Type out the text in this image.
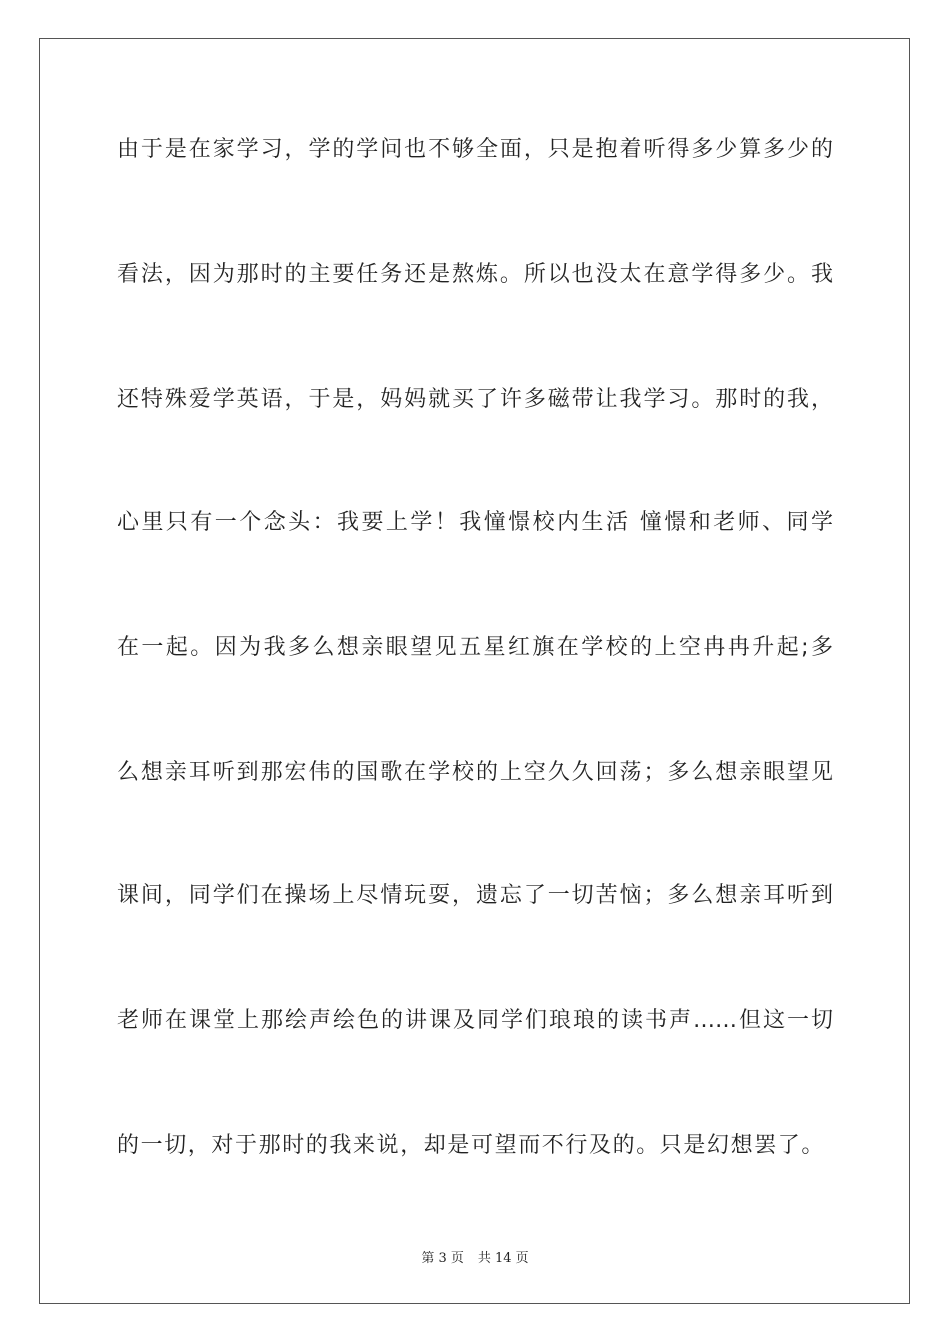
由于是在家学习，学的学问也不够全面，只是抱着听得多少算多少的
看法，因为那时的主要任务还是熬炼。所以也没太在意学得多少。我
还特殊爱学英语，于是，妈妈就买了许多磁带让我学习。那时的我，
心里只有一个念头：我要上学！我憧憬校内生活 憧憬和老师、同学
在一起。因为我多么想亲眼望见五星红旗在学校的上空冉冉升起;多
么想亲耳听到那宏伟的国歌在学校的上空久久回荡；多么想亲眼望见
课间，同学们在操场上尽情玩耍，遗忘了一切苦恼；多么想亲耳听到
老师在课堂上那绘声绘色的讲课及同学们琅琅的读书声……但这一切
的一切，对于那时的我来说，却是可望而不行及的。只是幻想罢了。
第 3 页 共 14 页
